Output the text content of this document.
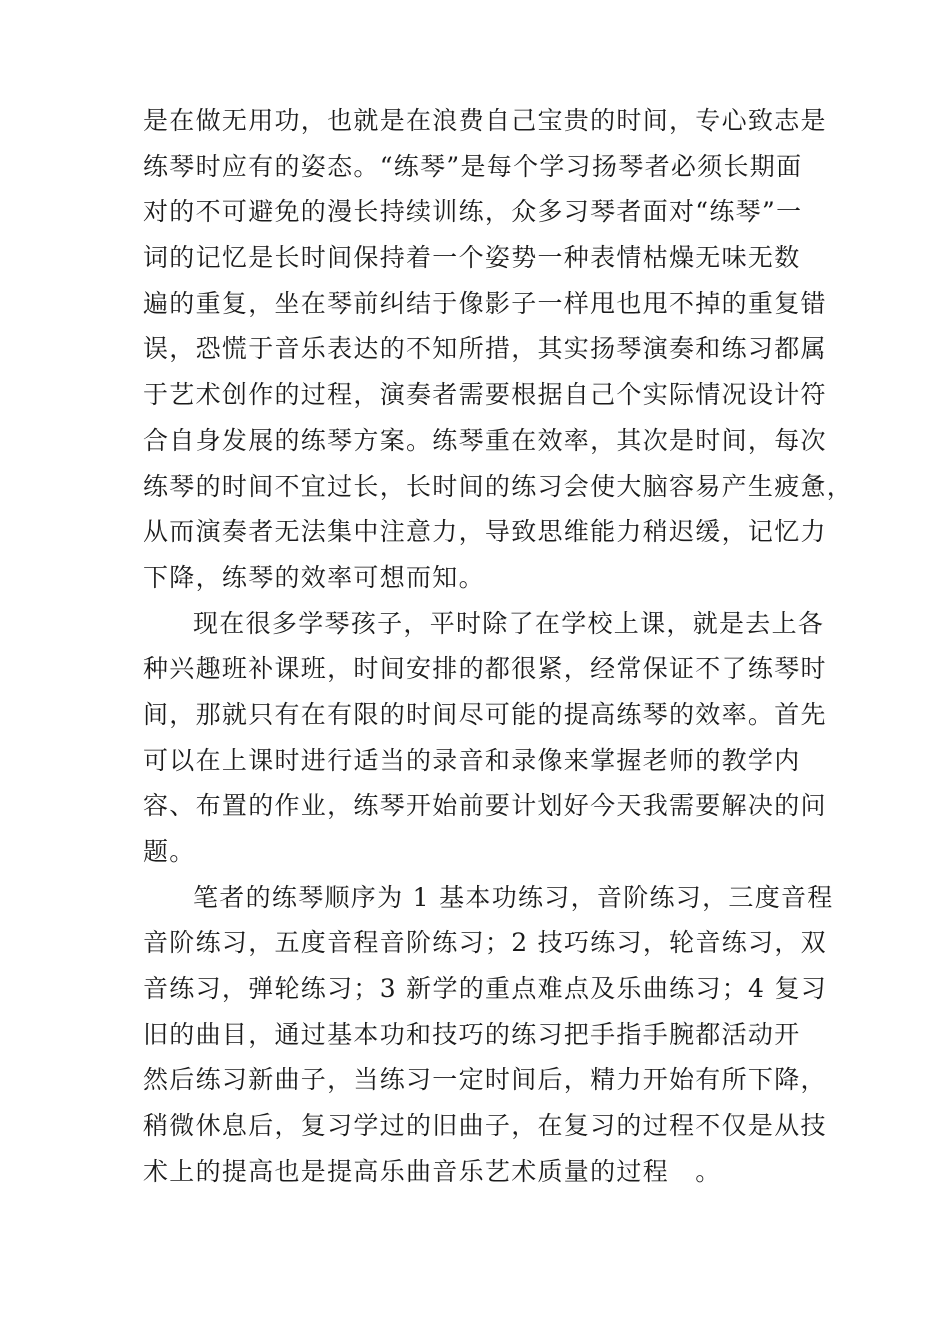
是在做无用功，也就是在浪费自己宝贵的时间，专心致志是
练琴时应有的姿态。“练琴”是每个学习扬琴者必须长期面
对的不可避免的漫长持续训练，众多习琴者面对“练琴”一
词的记忆是长时间保持着一个姿势一种表情枯燥无味无数
遍的重复，坐在琴前纠结于像影子一样甩也甩不掉的重复错
误，恐慌于音乐表达的不知所措，其实扬琴演奏和练习都属
于艺术创作的过程，演奏者需要根据自己个实际情况设计符
合自身发展的练琴方案。练琴重在效率，其次是时间，每次
练琴的时间不宜过长，长时间的练习会使大脑容易产生疲惫，
从而演奏者无法集中注意力，导致思维能力稍迟缓，记忆力
下降，练琴的效率可想而知。
现在很多学琴孩子，平时除了在学校上课，就是去上各
种兴趣班补课班，时间安排的都很紧，经常保证不了练琴时
间，那就只有在有限的时间尽可能的提高练琴的效率。首先
可以在上课时进行适当的录音和录像来掌握老师的教学内
容、布置的作业，练琴开始前要计划好今天我需要解决的问
题。
笔者的练琴顺序为 1 基本功练习，音阶练习，三度音程
音阶练习，五度音程音阶练习；2 技巧练习，轮音练习，双
音练习，弹轮练习；3 新学的重点难点及乐曲练习；4 复习
旧的曲目，通过基本功和技巧的练习把手指手腕都活动开
然后练习新曲子，当练习一定时间后，精力开始有所下降，
稍微休息后，复习学过的旧曲子，在复习的过程不仅是从技
术上的提高也是提高乐曲音乐艺术质量的过程　。
